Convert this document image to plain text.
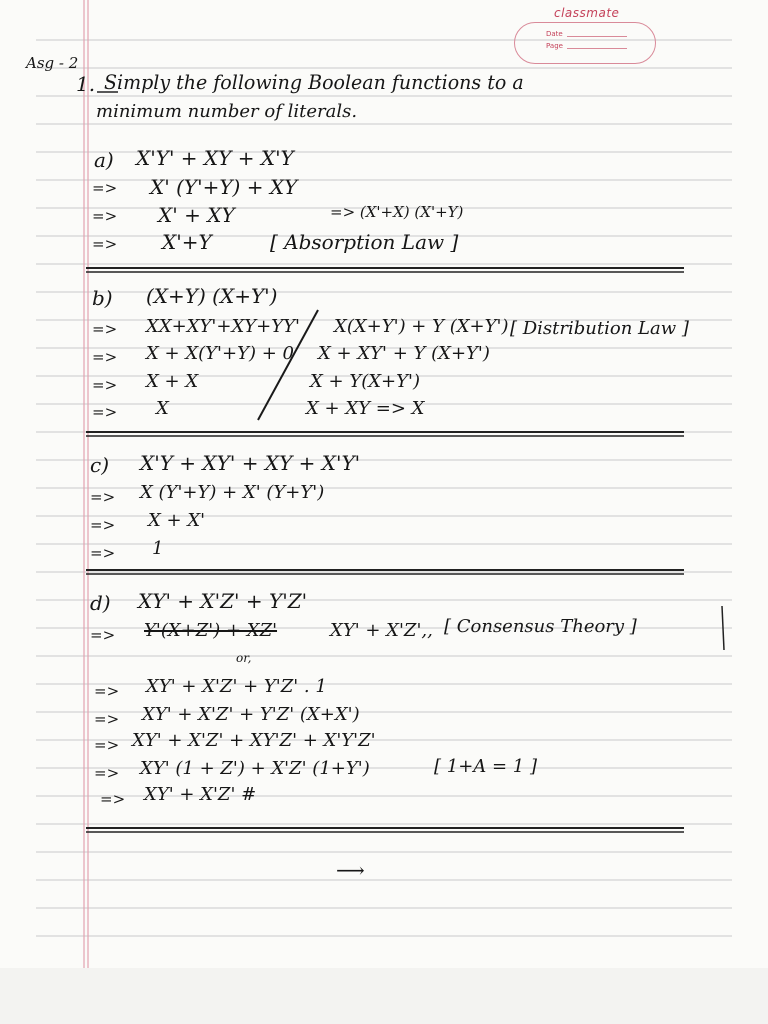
classmate
Date
Page
Asg - 2
1. Simply the following Boolean functions to a
minimum number of literals.
a) X'Y' + XY + X'Y
=> X' (Y'+Y) + XY
=> X' + XY	=> (X'+X) (X'+Y)
=> X'+Y	[ Absorption Law ]
b) (X+Y) (X+Y')
=> XX+XY'+XY+YY'
=> X + X(Y'+Y) + 0
=> X + X
=> X
X(X+Y') + Y (X+Y') [ Distribution Law ]
X + XY' + Y (X+Y')
X + Y(X+Y')
X + XY => X
c) X'Y + XY' + XY + X'Y'
=> X (Y'+Y) + X' (Y+Y')
=> X + X'
=> 1
d) XY' + X'Z' + Y'Z'
=> Y'(X+Z') + XZ'	XY' + X'Z',, [ Consensus Theory ]
or,
=> XY' + X'Z' + Y'Z' . 1
=> XY' + X'Z' + Y'Z' (X+X')
=> XY' + X'Z' + XY'Z' + X'Y'Z'
=> XY' (1 + Z') + X'Z' (1+Y')	[ 1+A = 1 ]
=> XY' + X'Z' #
⟶
